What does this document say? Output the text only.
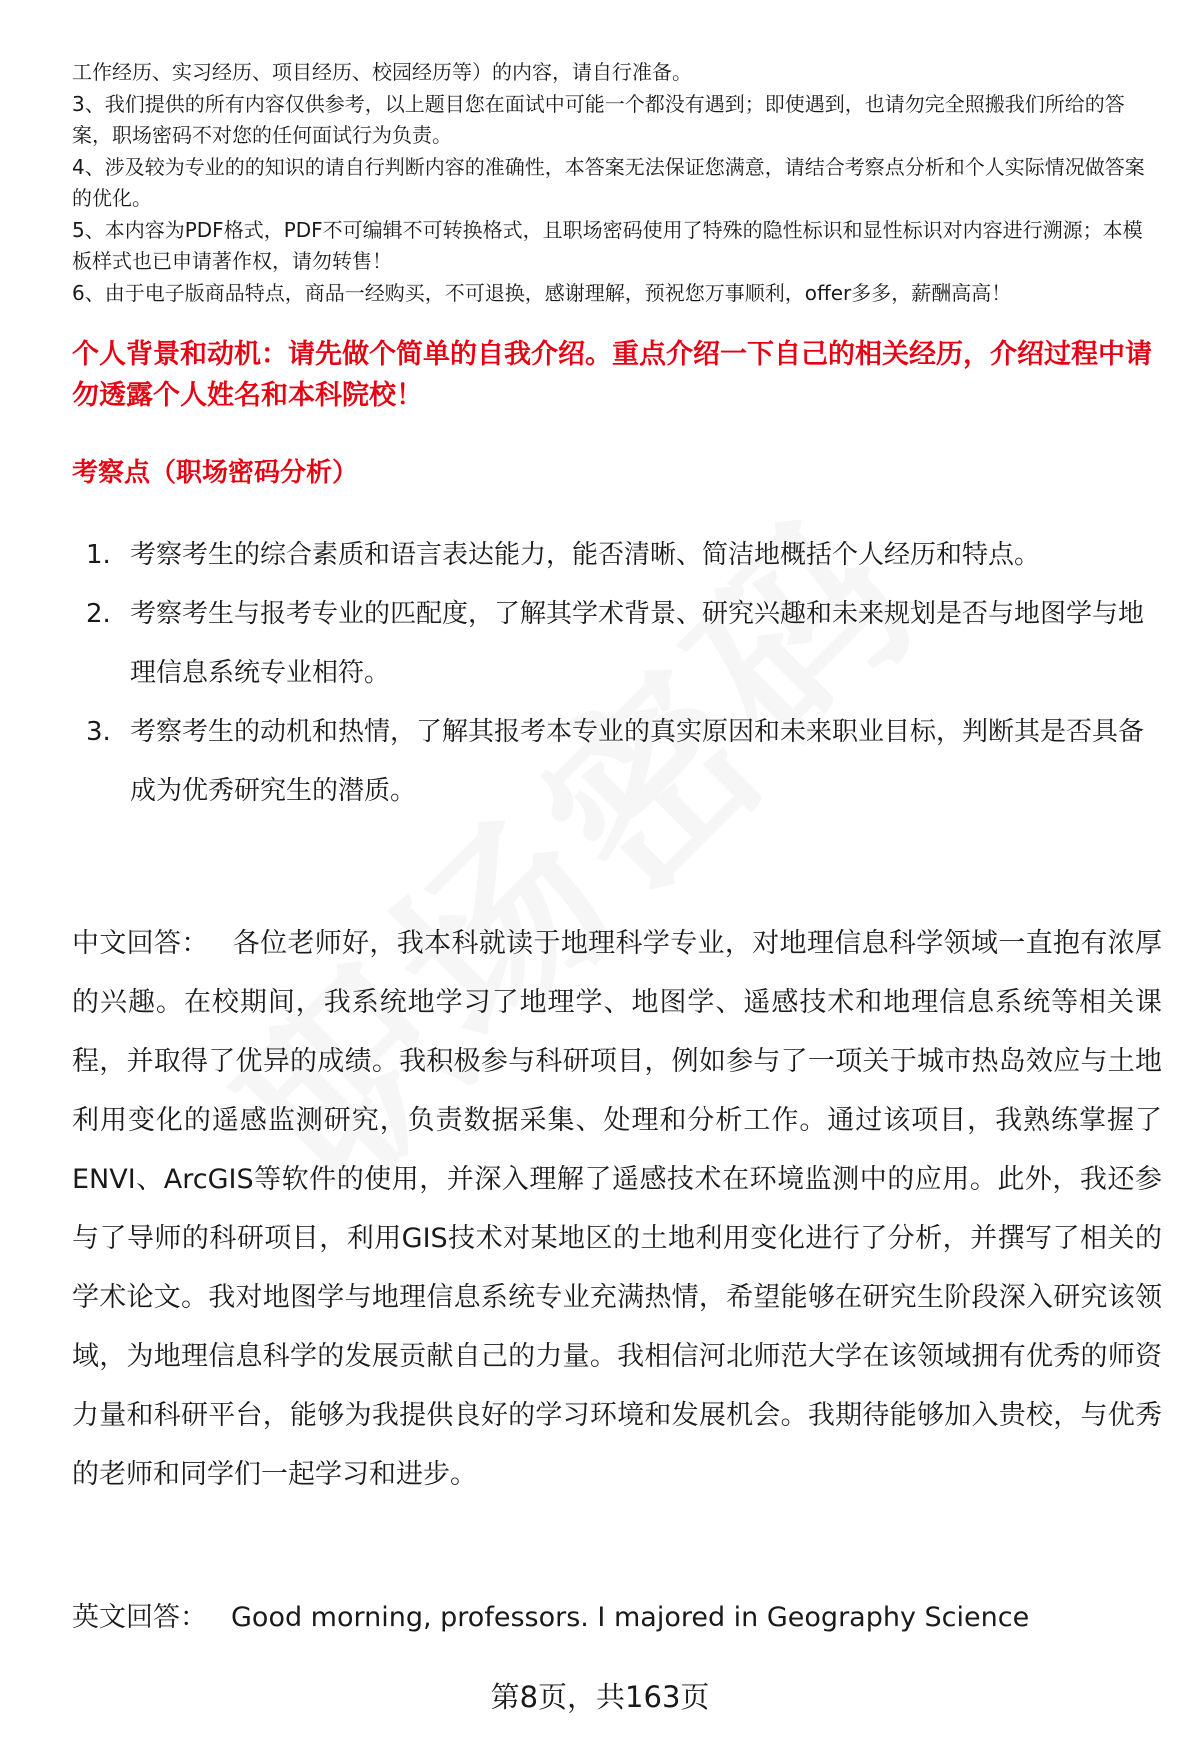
工作经历、实习经历、项目经历、校园经历等）的内容，请自行准备。

3、我们提供的所有内容仅供参考，以上题目您在面试中可能一个都没有遇到；即使遇到，也请勿完全照搬我们所给的答案，职场密码不对您的任何面试行为负责。

4、涉及较为专业的的知识的请自行判断内容的准确性，本答案无法保证您满意，请结合考察点分析和个人实际情况做答案的优化。

5、本内容为PDF格式，PDF不可编辑不可转换格式，且职场密码使用了特殊的隐性标识和显性标识对内容进行溯源；本模板样式也已申请著作权，请勿转售！

6、由于电子版商品特点，商品一经购买，不可退换，感谢理解，预祝您万事顺利，offer多多，薪酬高高！

个人背景和动机：请先做个简单的自我介绍。重点介绍一下自己的相关经历，介绍过程中请勿透露个人姓名和本科院校！

考察点（职场密码分析）

1. 考察考生的综合素质和语言表达能力，能否清晰、简洁地概括个人经历和特点。
2. 考察考生与报考专业的匹配度，了解其学术背景、研究兴趣和未来规划是否与地图学与地理信息系统专业相符。
3. 考察考生的动机和热情，了解其报考本专业的真实原因和未来职业目标，判断其是否具备成为优秀研究生的潜质。

中文回答： 各位老师好，我本科就读于地理科学专业，对地理信息科学领域一直抱有浓厚的兴趣。在校期间，我系统地学习了地理学、地图学、遥感技术和地理信息系统等相关课程，并取得了优异的成绩。我积极参与科研项目，例如参与了一项关于城市热岛效应与土地利用变化的遥感监测研究，负责数据采集、处理和分析工作。通过该项目，我熟练掌握了ENVI、ArcGIS等软件的使用，并深入理解了遥感技术在环境监测中的应用。此外，我还参与了导师的科研项目，利用GIS技术对某地区的土地利用变化进行了分析，并撰写了相关的学术论文。我对地图学与地理信息系统专业充满热情，希望能够在研究生阶段深入研究该领域，为地理信息科学的发展贡献自己的力量。我相信河北师范大学在该领域拥有优秀的师资力量和科研平台，能够为我提供良好的学习环境和发展机会。我期待能够加入贵校，与优秀的老师和同学们一起学习和进步。

英文回答： Good morning, professors. I majored in Geography Science

第8页，共163页
